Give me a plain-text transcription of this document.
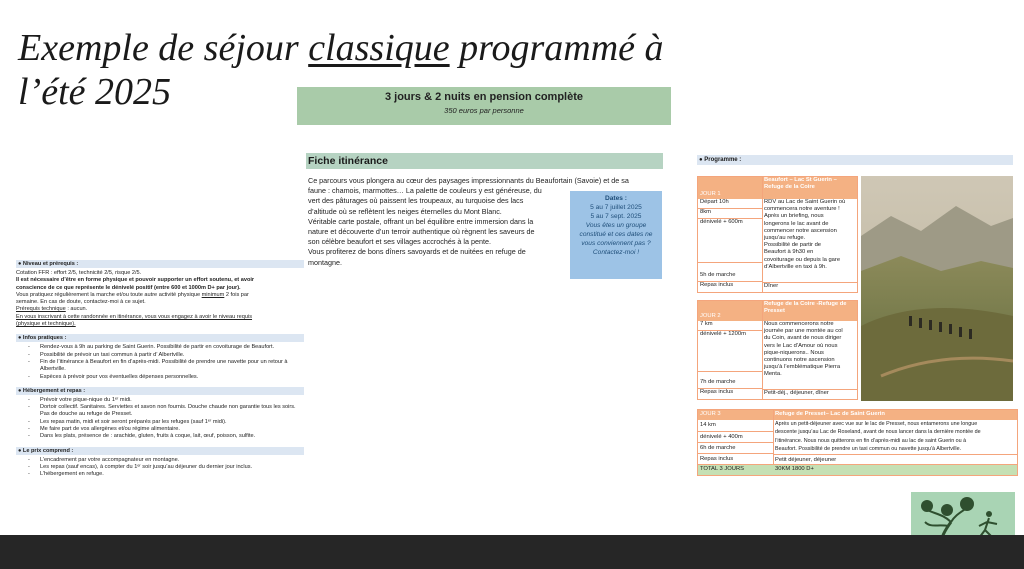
Exemple de séjour classique programmé à
l’été 2025	3 jours & 2 nuits en pension complète
350 euros par personne
● Niveau et prérequis :

Cotation FFR : effort 2/5, technicité 2/5, risque 2/5.

Il est nécessaire d’être en forme physique et pouvoir supporter un effort soutenu, et avoir

conscience de ce que représente le dénivelé positif (entre 600 et 1000m D+ par jour).

Vous pratiquez régulièrement la marche et/ou toute autre activité physique minimum 2 fois par

semaine. En cas de doute, contactez-moi à ce sujet.

Prérequis technique : aucun.

En vous inscrivant à cette randonnée en itinérance, vous vous engagez à avoir le niveau requis

(physique et technique).

● Infos pratiques :
- Rendez-vous à 9h au parking de Saint Guerin. Possibilité de partir en covoiturage de Beaufort.
- Possibilité de prévoir un taxi commun à partir d’ Albertville.
- Fin de l’itinérance à Beaufort en fin d’après-midi. Possibilité de prendre une navette pour un retour à Albertville.
- Espèces à prévoir pour vos éventuelles dépenses personnelles.
● Hébergement et repas :
- Prévoir votre pique-nique du 1ᵉʳ midi.
- Dortoir collectif. Sanitaires. Serviettes et savon non fournis. Douche chaude non garantie tous les soirs. Pas de douche au refuge de Presset.
- Les repas matin, midi et soir seront préparés par les refuges (sauf 1ᵉʳ midi).
- Me faire part de vos allergènes et/ou régime alimentaire.
- Dans les plats, présence de : arachide, gluten, fruits à coque, lait, œuf, poisson, sulfite.
● Le prix comprend :
- L’encadrement par votre accompagnateur en montagne.
- Les repas (sauf encas), à compter du 1ᵉʳ soir jusqu’au déjeuner du dernier jour inclus.
- L’hébergement en refuge.
Fiche itinérance
Ce parcours vous plongera au cœur des paysages impressionnants du Beaufortain (Savoie) et de sa
faune : chamois, marmottes… La palette de couleurs y est généreuse, du
vert des pâturages où paissent les troupeaux, au turquoise des lacs
d’altitude où se reflètent les neiges éternelles du Mont Blanc.
Véritable carte postale, offrant un bel équilibre entre immersion dans la
nature et découverte d’un terroir authentique où règnent les saveurs de
son célèbre beaufort et ses villages accrochés à la pente.
Vous profiterez de bons dîners savoyards et de nuitées en refuge de
montagne.
Dates :
5 au 7 juillet 2025
5 au 7 sept. 2025
Vous êtes un groupe
constitué et ces dates ne
vous conviennent pas ?
Contactez-moi !
● Programme :
JOUR 1
Beaufort – Lac St Guerin – Refuge de la Coire
Départ 10h
8km
dénivelé + 600m
5h de marche
Repas inclus
RDV au Lac de Saint Guerin où
commencera notre aventure !
Après un briefing, nous
longerons le lac avant de
commencer notre ascension
jusqu’au refuge.
Possibilité de partir de
Beaufort à 9h30 en
covoiturage ou depuis la gare
d’Albertville en taxi à 9h.
Dîner
JOUR 2
Refuge de la Coire -Refuge de Presset
7 km
dénivelé + 1200m
7h de marche
Repas inclus
Nous commencerons notre
journée par une montée au col
du Coin, avant de nous diriger
vers le Lac d’Amour où nous
pique-niquerons.. Nous
continuons notre ascension
jusqu’à l’emblématique Pierra
Menta.
Petit-déj., déjeuner, dîner
JOUR 3	Refuge de Presset– Lac de Saint Guerin
14 km
dénivelé + 400m
6h de marche
Repas inclus
TOTAL 3 JOURS
Après un petit-déjeuner avec vue sur le lac de Presset, nous entamerons une longue
descente jusqu’au Lac de Roseland, avant de nous lancer dans la dernière montée de
l’itinérance. Nous nous quitterons en fin d’après-midi au lac de saint Guerin ou à
Beaufort. Possibilité de prendre un taxi commun ou navette jusqu’à Albertville.
Petit déjeuner, déjeuner
30KM 1800 D+
